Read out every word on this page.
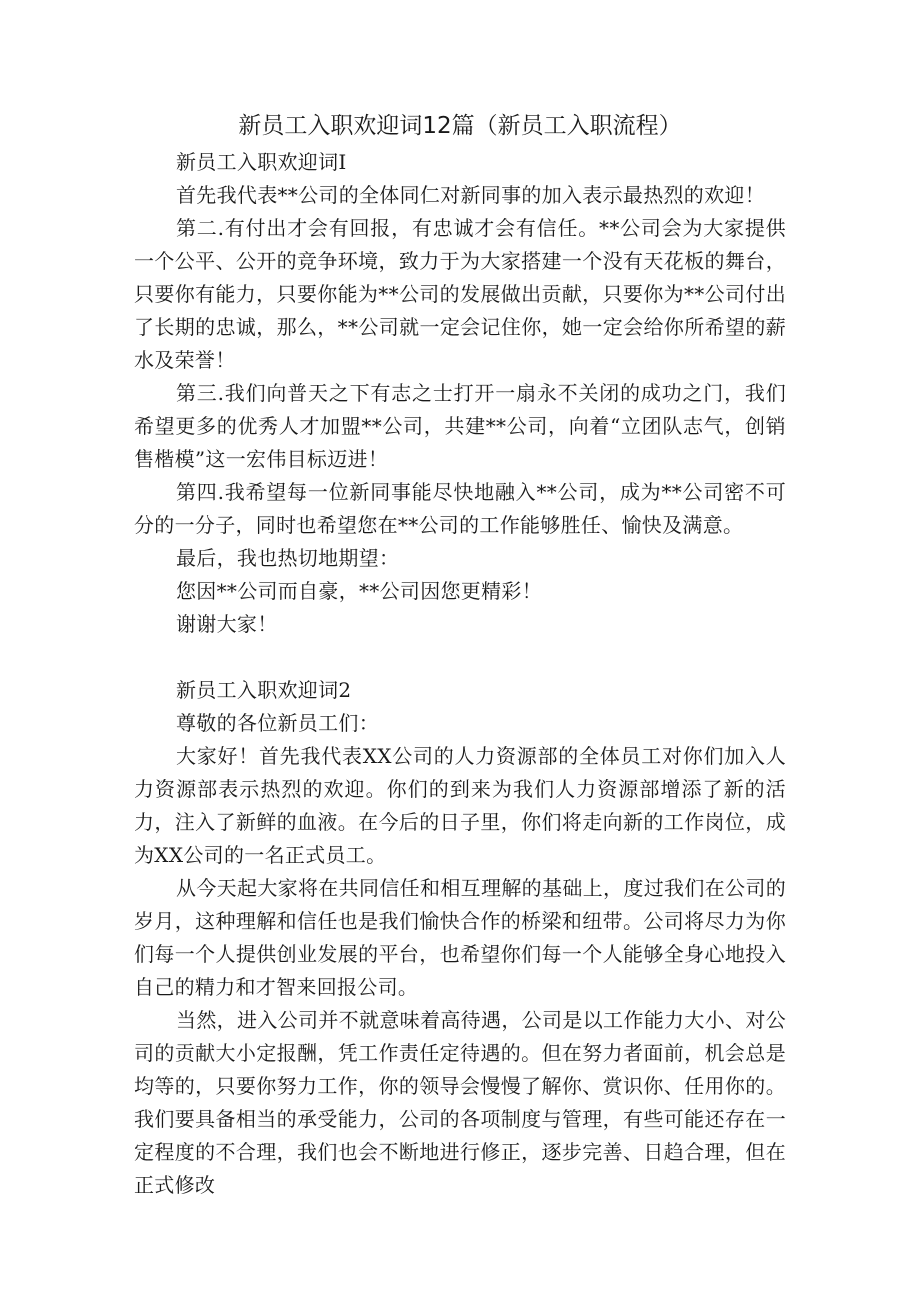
新员工入职欢迎词12篇（新员工入职流程）

新员工入职欢迎词I

首先我代表**公司的全体同仁对新同事的加入表示最热烈的欢迎！

第二.有付出才会有回报，有忠诚才会有信任。**公司会为大家提供一个公平、公开的竞争环境，致力于为大家搭建一个没有天花板的舞台，只要你有能力，只要你能为**公司的发展做出贡献，只要你为**公司付出了长期的忠诚，那么，**公司就一定会记住你，她一定会给你所希望的薪水及荣誉！

第三.我们向普天之下有志之士打开一扇永不关闭的成功之门，我们希望更多的优秀人才加盟**公司，共建**公司，向着“立团队志气，创销售楷模”这一宏伟目标迈进！

第四.我希望每一位新同事能尽快地融入**公司，成为**公司密不可分的一分子，同时也希望您在**公司的工作能够胜任、愉快及满意。

最后，我也热切地期望：

您因**公司而自豪，**公司因您更精彩！

谢谢大家！

新员工入职欢迎词2

尊敬的各位新员工们：

大家好！首先我代表XX公司的人力资源部的全体员工对你们加入人力资源部表示热烈的欢迎。你们的到来为我们人力资源部增添了新的活力，注入了新鲜的血液。在今后的日子里，你们将走向新的工作岗位，成为XX公司的一名正式员工。

从今天起大家将在共同信任和相互理解的基础上，度过我们在公司的岁月，这种理解和信任也是我们愉快合作的桥梁和纽带。公司将尽力为你们每一个人提供创业发展的平台，也希望你们每一个人能够全身心地投入自己的精力和才智来回报公司。

当然，进入公司并不就意味着高待遇，公司是以工作能力大小、对公司的贡献大小定报酬，凭工作责任定待遇的。但在努力者面前，机会总是均等的，只要你努力工作，你的领导会慢慢了解你、赏识你、任用你的。我们要具备相当的承受能力，公司的各项制度与管理，有些可能还存在一定程度的不合理，我们也会不断地进行修正，逐步完善、日趋合理，但在正式修改
